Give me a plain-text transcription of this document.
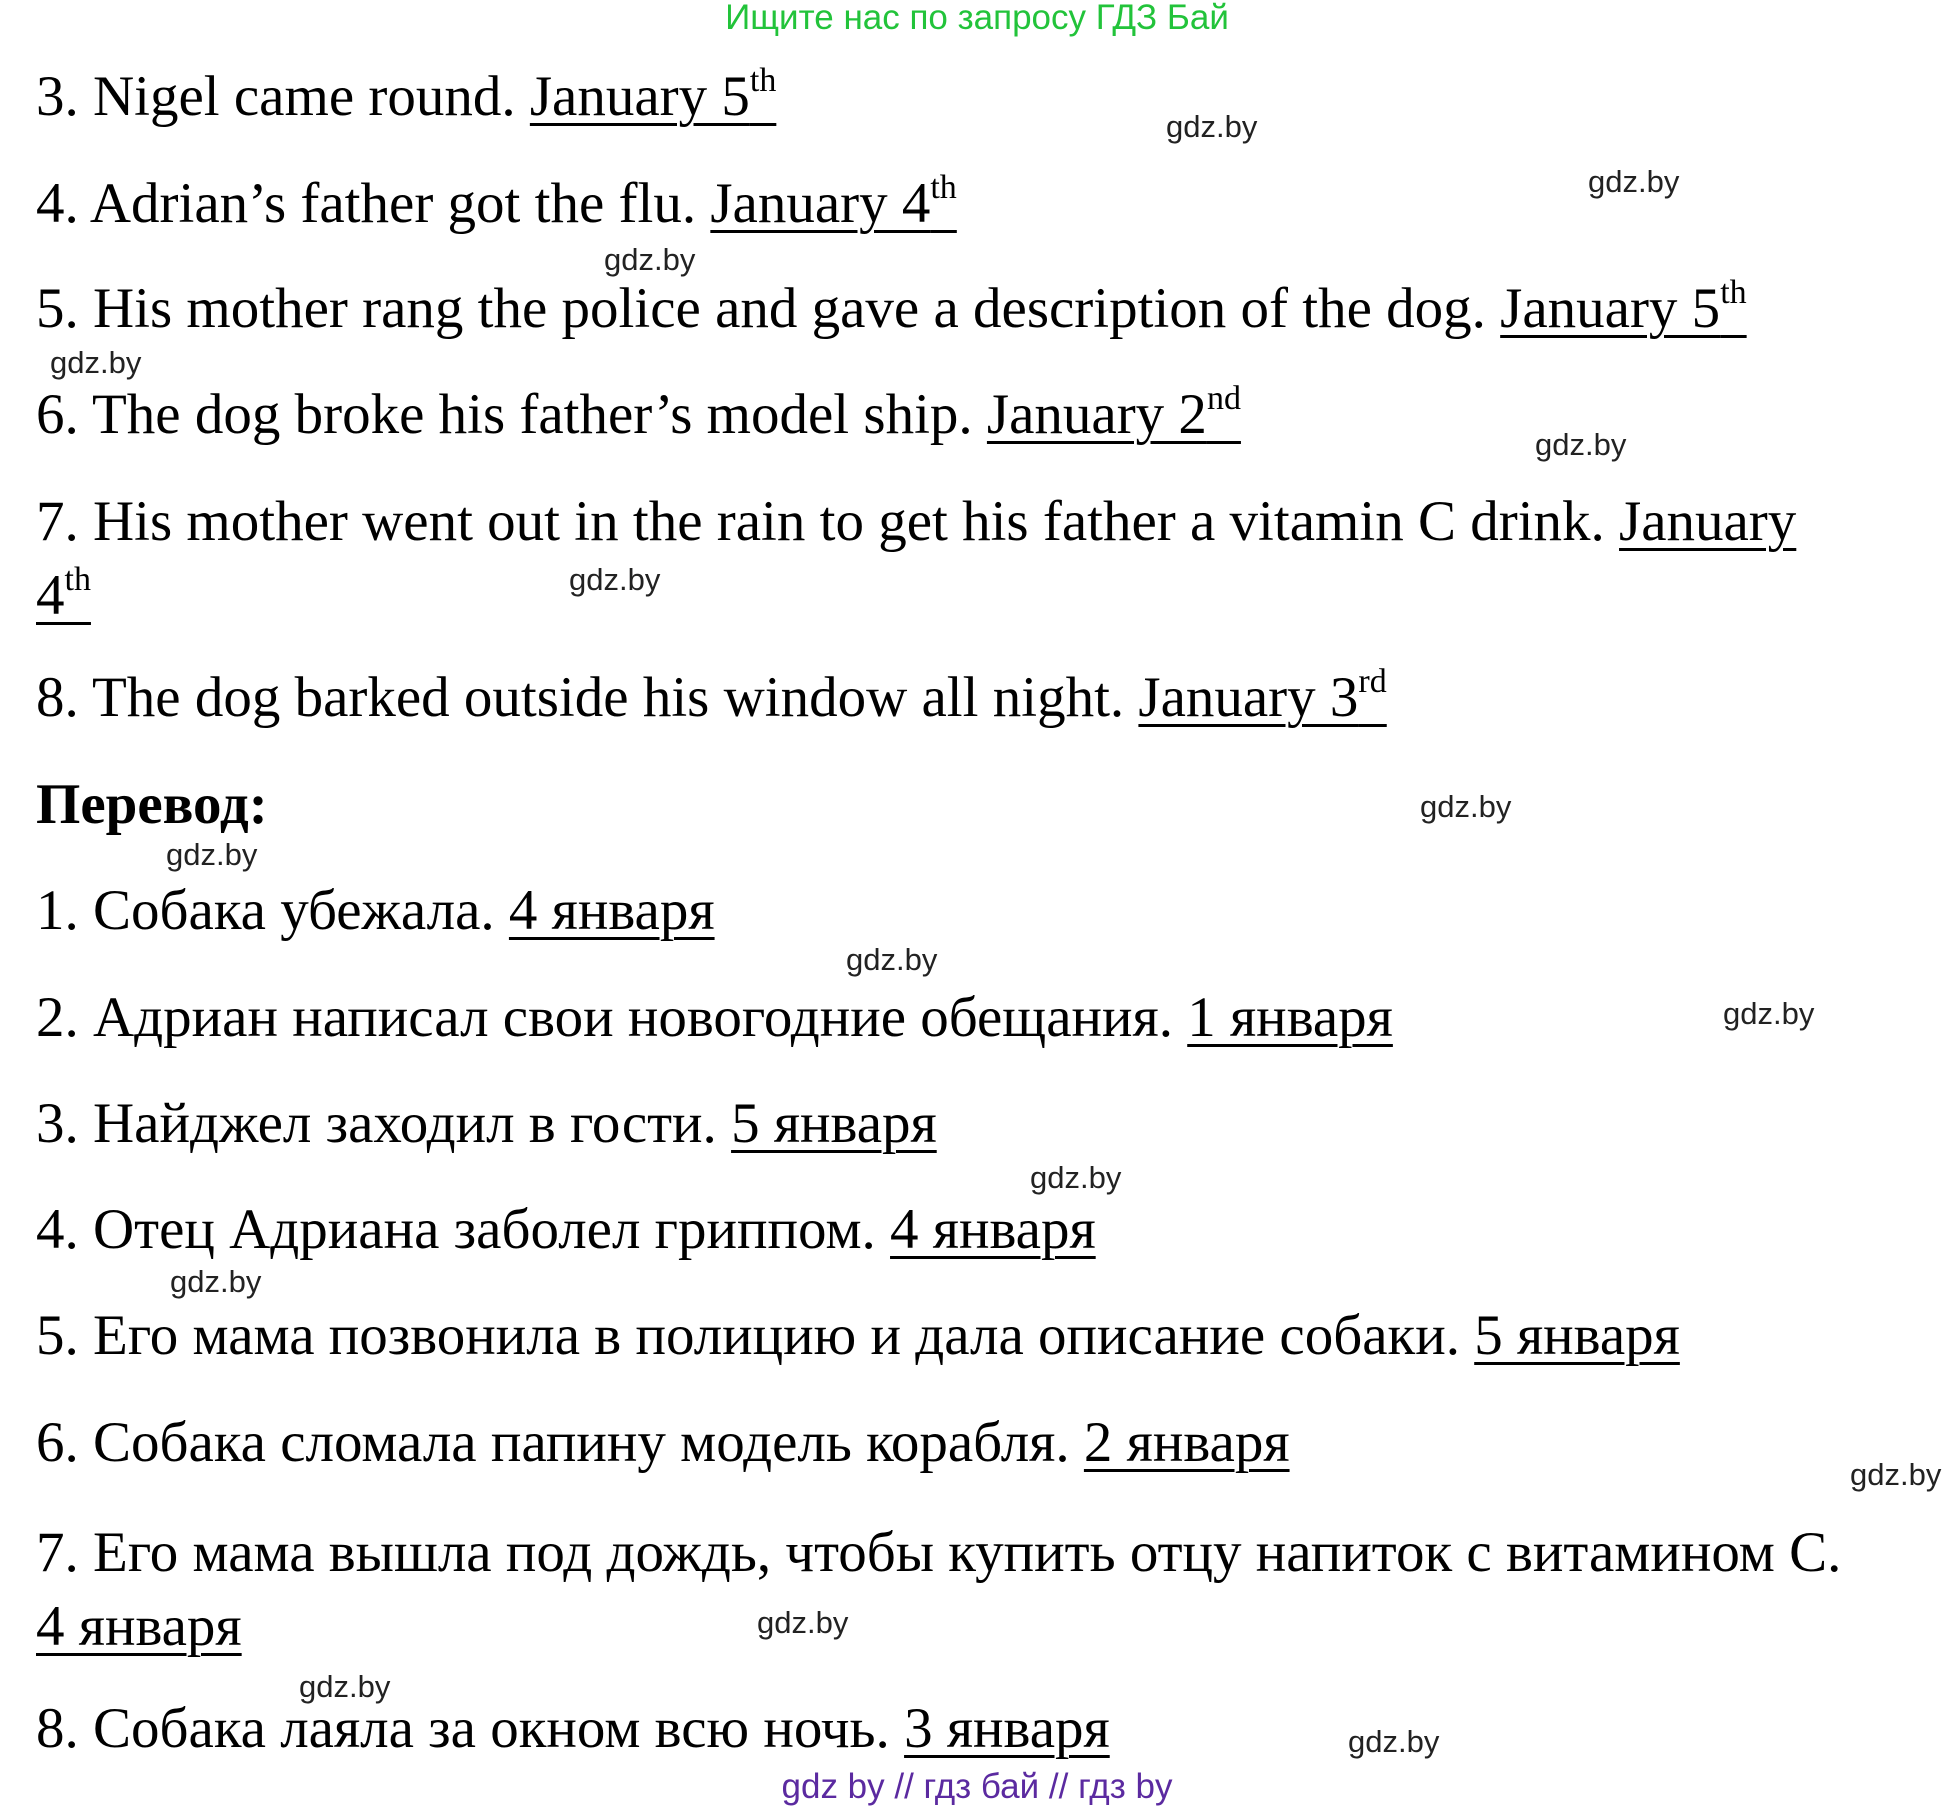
Ищите нас по запросу ГДЗ Бай
3. Nigel came round. January 5th
4. Adrian’s father got the flu. January 4th
5. His mother rang the police and gave a description of the dog. January 5th
6. The dog broke his father’s model ship. January 2nd
7. His mother went out in the rain to get his father a vitamin C drink. January 4th
8. The dog barked outside his window all night. January 3rd
Перевод:
1. Собака убежала. 4 января
2. Адриан написал свои новогодние обещания. 1 января
3. Найджел заходил в гости. 5 января
4. Отец Адриана заболел гриппом. 4 января
5. Его мама позвонила в полицию и дала описание собаки. 5 января
6. Собака сломала папину модель корабля. 2 января
7. Его мама вышла под дождь, чтобы купить отцу напиток с витамином С. 4 января
8. Собака лаяла за окном всю ночь. 3 января
gdz.by
gdz.by
gdz.by
gdz.by
gdz.by
gdz.by
gdz.by
gdz.by
gdz.by
gdz.by
gdz.by
gdz.by
gdz.by
gdz.by
gdz.by
gdz.by
gdz by // гдз бай // гдз by
